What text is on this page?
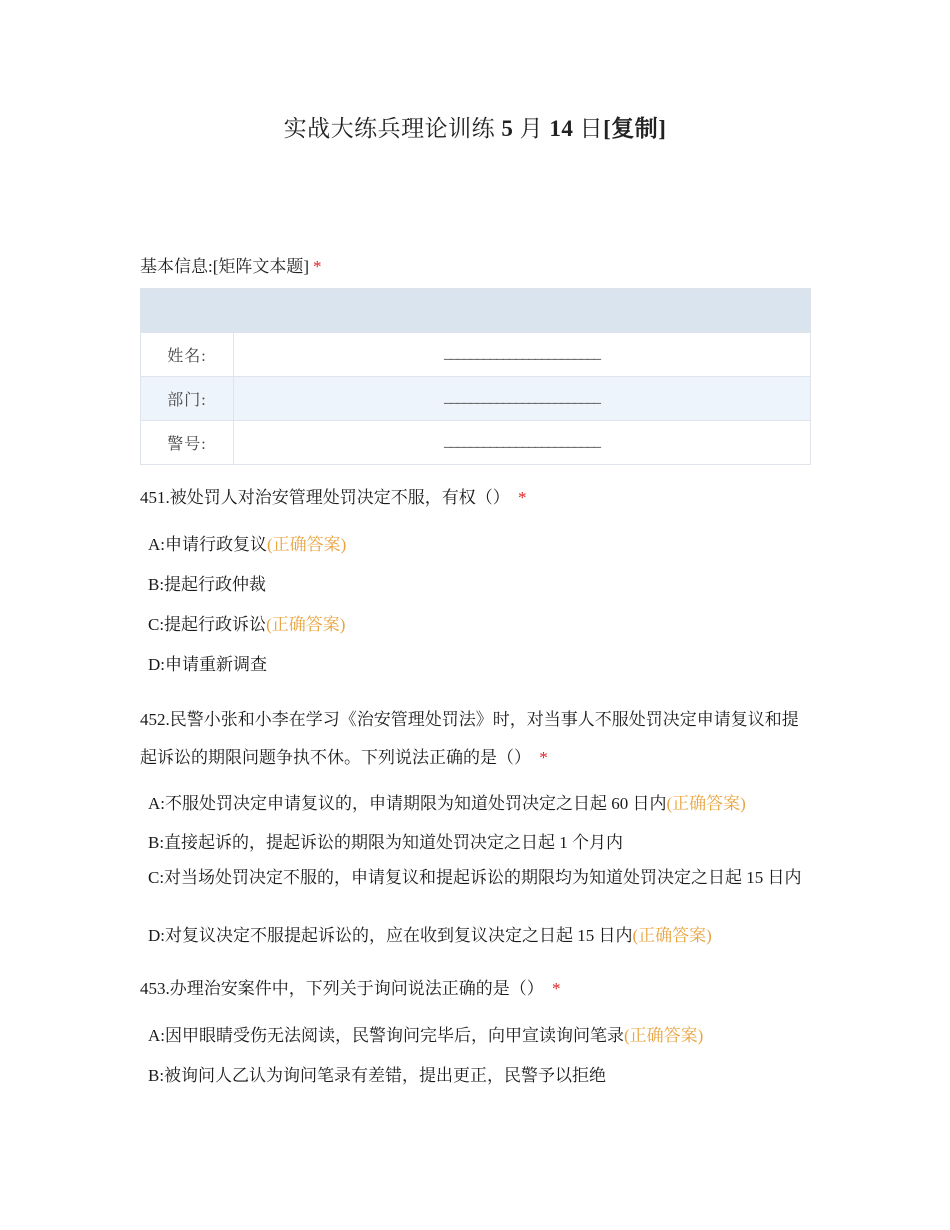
实战大练兵理论训练 5 月 14 日[复制]
基本信息:[矩阵文本题] *

姓名:	________________________
部门:	________________________
警号:	________________________
451.被处罚人对治安管理处罚决定不服，有权（） *
A:申请行政复议(正确答案)
B:提起行政仲裁
C:提起行政诉讼(正确答案)
D:申请重新调查
452.民警小张和小李在学习《治安管理处罚法》时，对当事人不服处罚决定申请复议和提起诉讼的期限问题争执不休。下列说法正确的是（） *
A:不服处罚决定申请复议的，申请期限为知道处罚决定之日起 60 日内(正确答案)
B:直接起诉的，提起诉讼的期限为知道处罚决定之日起 1 个月内
C:对当场处罚决定不服的，申请复议和提起诉讼的期限均为知道处罚决定之日起 15 日内
D:对复议决定不服提起诉讼的，应在收到复议决定之日起 15 日内(正确答案)
453.办理治安案件中，下列关于询问说法正确的是（） *
A:因甲眼睛受伤无法阅读，民警询问完毕后，向甲宣读询问笔录(正确答案)
B:被询问人乙认为询问笔录有差错，提出更正，民警予以拒绝
